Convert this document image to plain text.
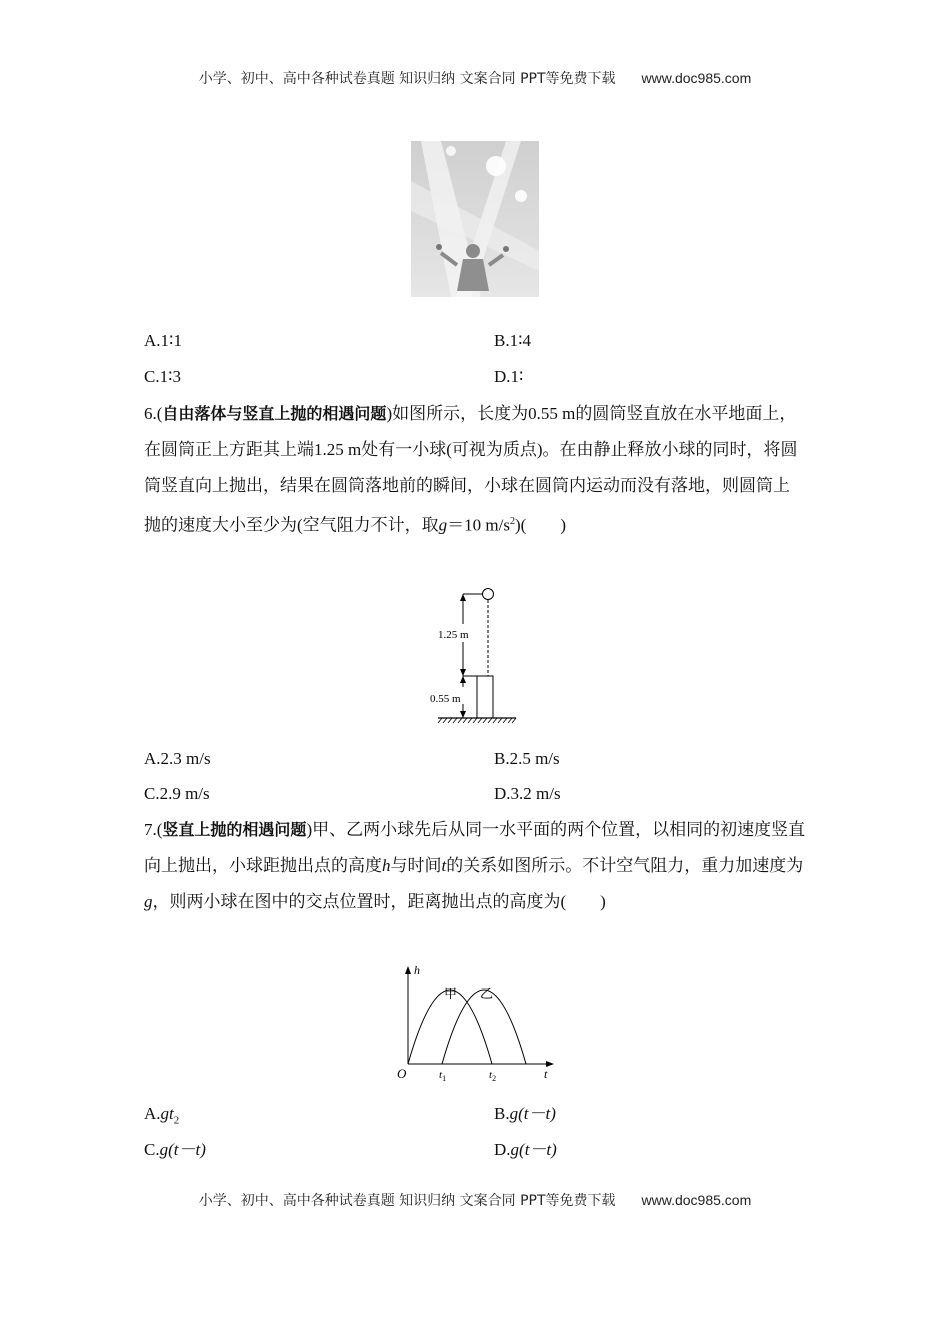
小学、初中、高中各种试卷真题 知识归纳 文案合同 PPT等免费下载 www.doc985.com
A.1∶1	B.1∶4
C.1∶3	D.1∶
6.(自由落体与竖直上抛的相遇问题)如图所示，长度为0.55 m的圆筒竖直放在水平地面上，在圆筒正上方距其上端1.25 m处有一小球(可视为质点)。在由静止释放小球的同时，将圆筒竖直向上抛出，结果在圆筒落地前的瞬间，小球在圆筒内运动而没有落地，则圆筒上抛的速度大小至少为(空气阻力不计，取g＝10 $m/s^2$)( )
1.25 m
0.55 m
A.2.3 m/s	B.2.5 m/s
C.2.9 m/s	D.3.2 m/s
7.(竖直上抛的相遇问题)甲、乙两小球先后从同一水平面的两个位置，以相同的初速度竖直向上抛出，小球距抛出点的高度h与时间t的关系如图所示。不计空气阻力，重力加速度为g，则两小球在图中的交点位置时，距离抛出点的高度为( )
h
t
O
甲 乙
$t_1$	$t_2$
$A.gt_2$	B.g(t－t)
C.g(t－t)	D.g(t－t)
小学、初中、高中各种试卷真题 知识归纳 文案合同 PPT等免费下载 www.doc985.com
